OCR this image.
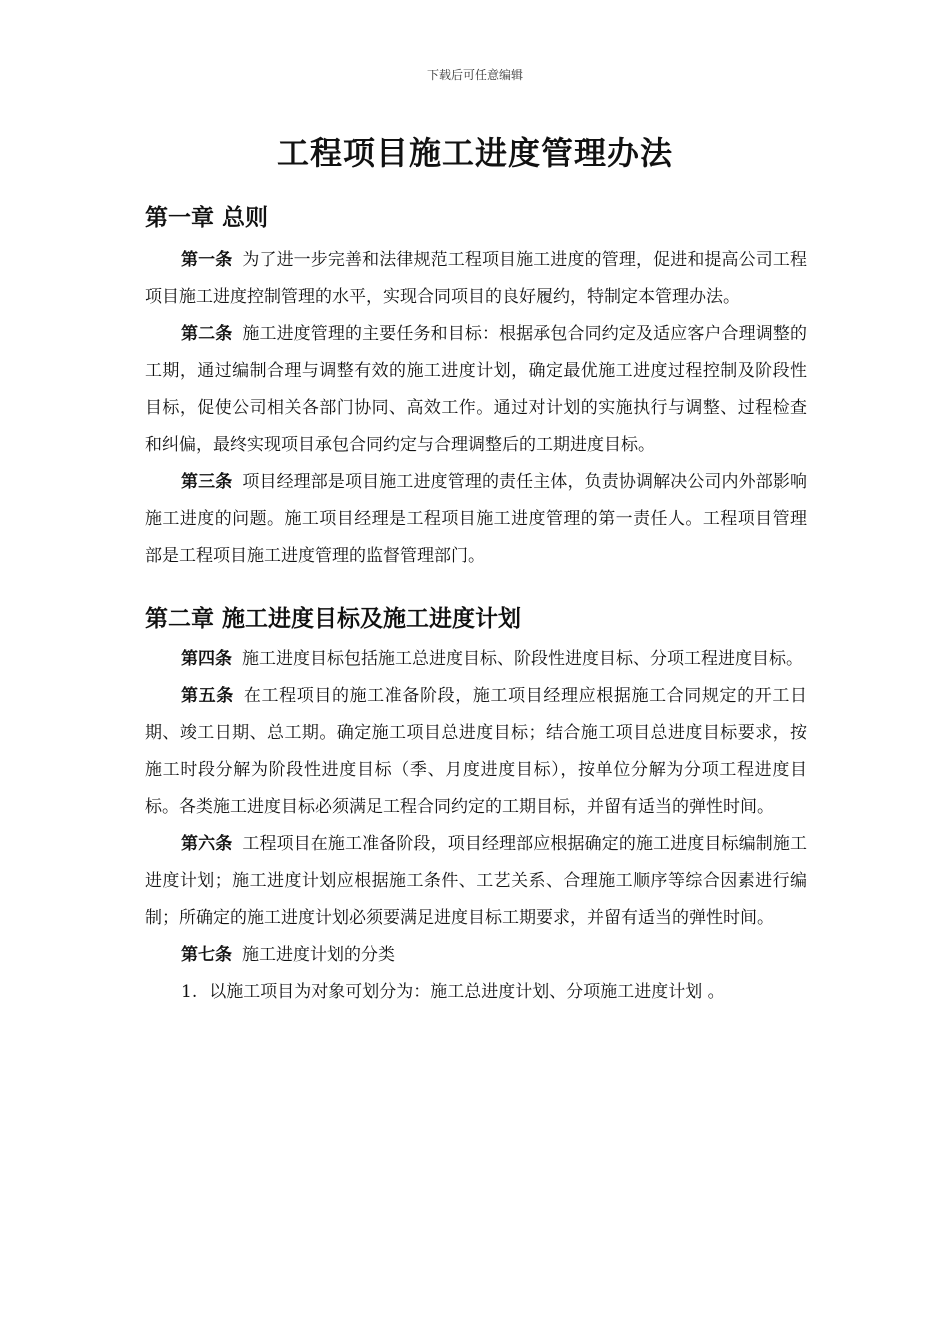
下载后可任意编辑
工程项目施工进度管理办法
第一章 总则

第一条 为了进一步完善和法律规范工程项目施工进度的管理，促进和提高公司工程项目施工进度控制管理的水平，实现合同项目的良好履约，特制定本管理办法。

第二条 施工进度管理的主要任务和目标：根据承包合同约定及适应客户合理调整的工期，通过编制合理与调整有效的施工进度计划，确定最优施工进度过程控制及阶段性目标，促使公司相关各部门协同、高效工作。通过对计划的实施执行与调整、过程检查和纠偏，最终实现项目承包合同约定与合理调整后的工期进度目标。

第三条 项目经理部是项目施工进度管理的责任主体，负责协调解决公司内外部影响施工进度的问题。施工项目经理是工程项目施工进度管理的第一责任人。工程项目管理部是工程项目施工进度管理的监督管理部门。

第二章 施工进度目标及施工进度计划

第四条 施工进度目标包括施工总进度目标、阶段性进度目标、分项工程进度目标。

第五条 在工程项目的施工准备阶段，施工项目经理应根据施工合同规定的开工日期、竣工日期、总工期。确定施工项目总进度目标；结合施工项目总进度目标要求，按施工时段分解为阶段性进度目标（季、月度进度目标），按单位分解为分项工程进度目标。各类施工进度目标必须满足工程合同约定的工期目标，并留有适当的弹性时间。

第六条 工程项目在施工准备阶段，项目经理部应根据确定的施工进度目标编制施工进度计划；施工进度计划应根据施工条件、工艺关系、合理施工顺序等综合因素进行编制；所确定的施工进度计划必须要满足进度目标工期要求，并留有适当的弹性时间。

第七条 施工进度计划的分类

1. 以施工项目为对象可划分为：施工总进度计划、分项施工进度计划 。
